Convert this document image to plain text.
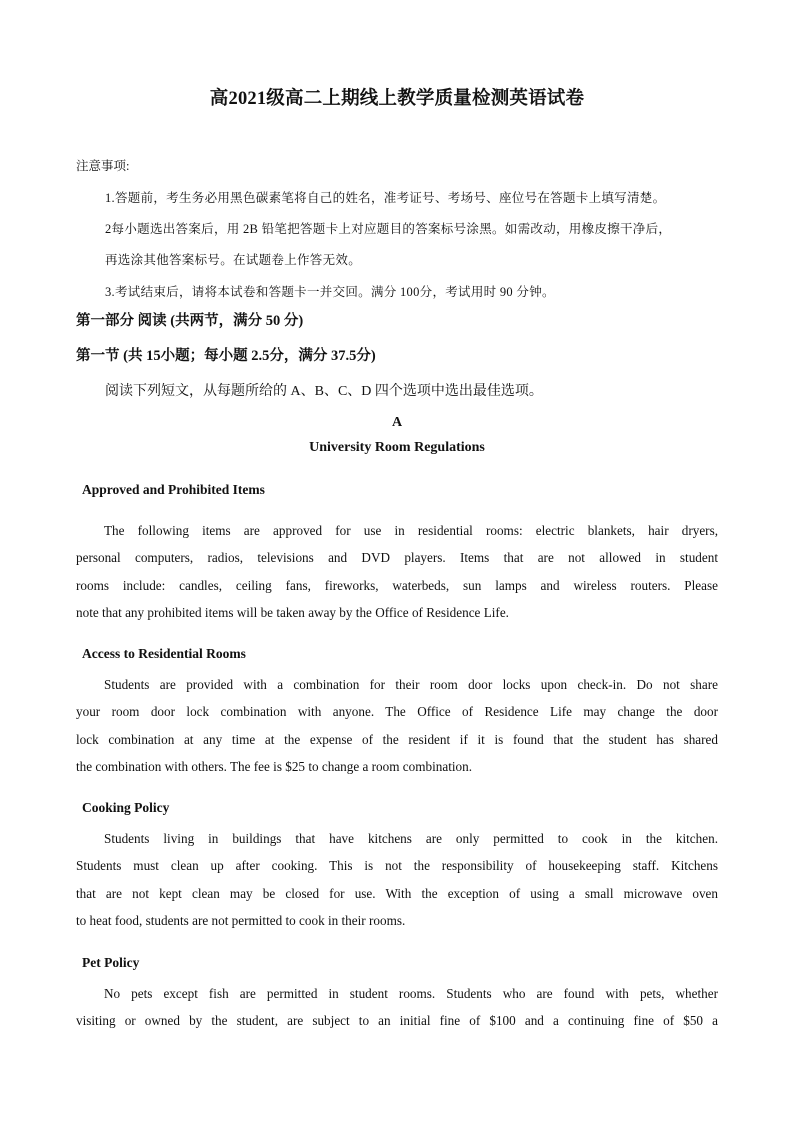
高2021级高二上期线上教学质量检测英语试卷
注意事项:
1.答题前，考生务必用黑色碳素笔将自己的姓名，准考证号、考场号、座位号在答题卡上填写清楚。
2每小题选出答案后，用 2B 铅笔把答题卡上对应题目的答案标号涂黑。如需改动，用橡皮擦干净后，
再选涂其他答案标号。在试题卷上作答无效。
3.考试结束后，请将本试卷和答题卡一并交回。满分 100分，考试用时 90 分钟。
第一部分 阅读 (共两节，满分 50 分)
第一节 (共 15小题；每小题 2.5分，满分 37.5分)
阅读下列短文，从每题所给的 A、B、C、D 四个选项中选出最佳选项。
A
University Room Regulations
Approved and Prohibited Items
The following items are approved for use in residential rooms: electric blankets, hair dryers,
personal computers, radios, televisions and DVD players. Items that are not allowed in student
rooms include: candles, ceiling fans, fireworks, waterbeds, sun lamps and wireless routers. Please
note that any prohibited items will be taken away by the Office of Residence Life.
Access to Residential Rooms
Students are provided with a combination for their room door locks upon check-in. Do not share
your room door lock combination with anyone. The Office of Residence Life may change the door
lock combination at any time at the expense of the resident if it is found that the student has shared
the combination with others. The fee is $25 to change a room combination.
Cooking Policy
Students living in buildings that have kitchens are only permitted to cook in the kitchen.
Students must clean up after cooking. This is not the responsibility of housekeeping staff. Kitchens
that are not kept clean may be closed for use. With the exception of using a small microwave oven
to heat food, students are not permitted to cook in their rooms.
Pet Policy
No pets except fish are permitted in student rooms. Students who are found with pets, whether
visiting or owned by the student, are subject to an initial fine of $100 and a continuing fine of $50 a
